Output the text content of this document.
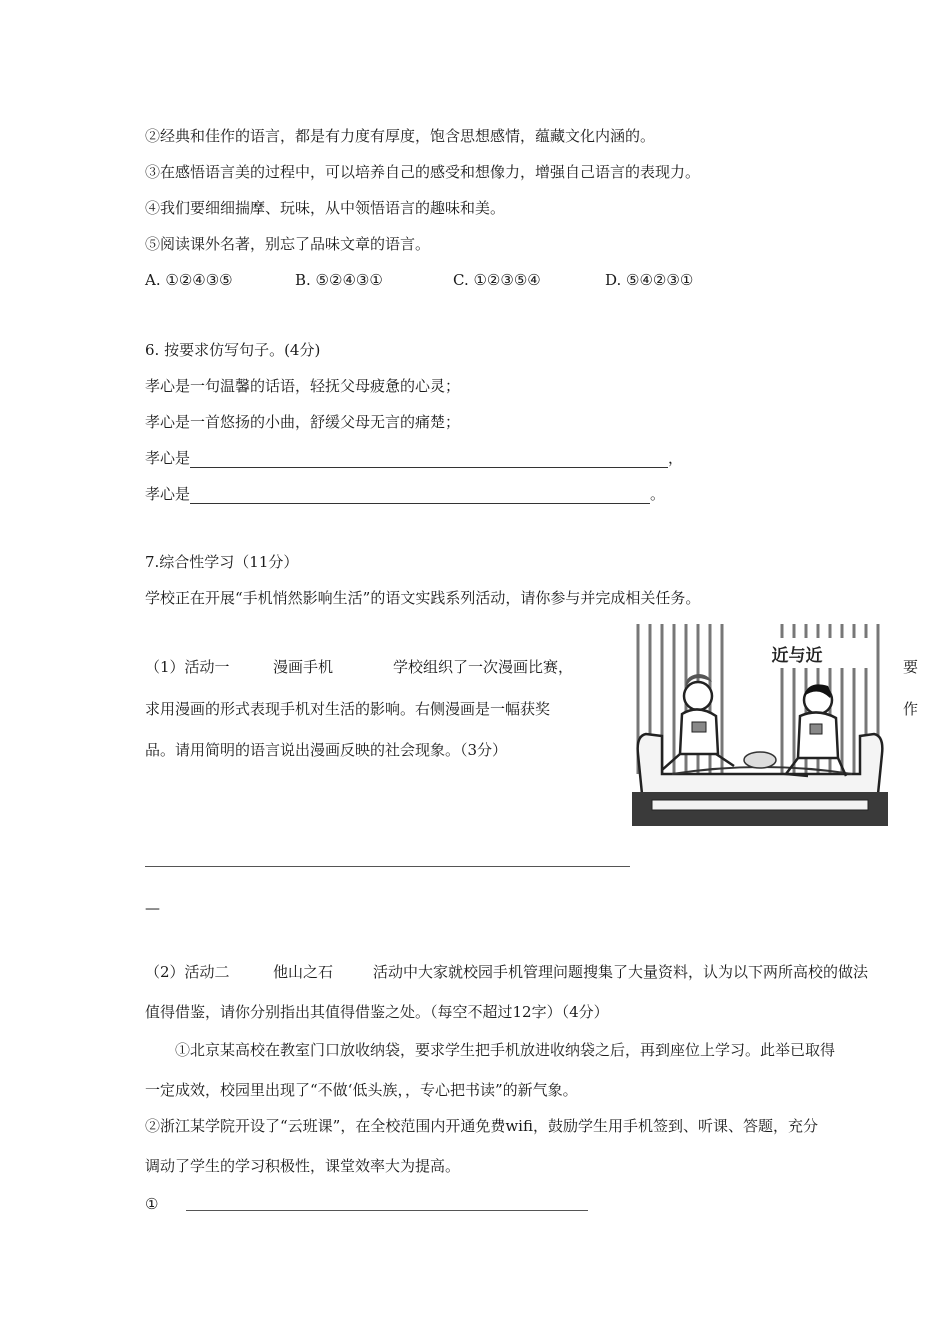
②经典和佳作的语言，都是有力度有厚度，饱含思想感情，蕴藏文化内涵的。
③在感悟语言美的过程中，可以培养自己的感受和想像力，增强自己语言的表现力。
④我们要细细揣摩、玩味，从中领悟语言的趣味和美。
⑤阅读课外名著，别忘了品味文章的语言。
A. ①②④③⑤	B. ⑤②④③①	C. ①②③⑤④	D. ⑤④②③①
6. 按要求仿写句子。(4分)
孝心是一句温馨的话语，轻抚父母疲惫的心灵；
孝心是一首悠扬的小曲，舒缓父母无言的痛楚；
孝心是	，
孝心是	。
7.综合性学习（11分）
学校正在开展“手机悄然影响生活”的语文实践系列活动，请你参与并完成相关任务。
（1）活动一	漫画手机	学校组织了一次漫画比赛，	要
求用漫画的形式表现手机对生活的影响。右侧漫画是一幅获奖	作
品。请用简明的语言说出漫画反映的社会现象。（3分）
近与近
—
（2）活动二	他山之石	活动中大家就校园手机管理问题搜集了大量资料，认为以下两所高校的做法
值得借鉴，请你分别指出其值得借鉴之处。（每空不超过12字）（4分）
①北京某高校在教室门口放收纳袋，要求学生把手机放进收纳袋之后，再到座位上学习。此举已取得
一定成效，校园里出现了“不做‘低头族，，专心把书读”的新气象。
②浙江某学院开设了“云班课”，在全校范围内开通免费wifi，鼓励学生用手机签到、听课、答题，充分
调动了学生的学习积极性，课堂效率大为提高。
①
